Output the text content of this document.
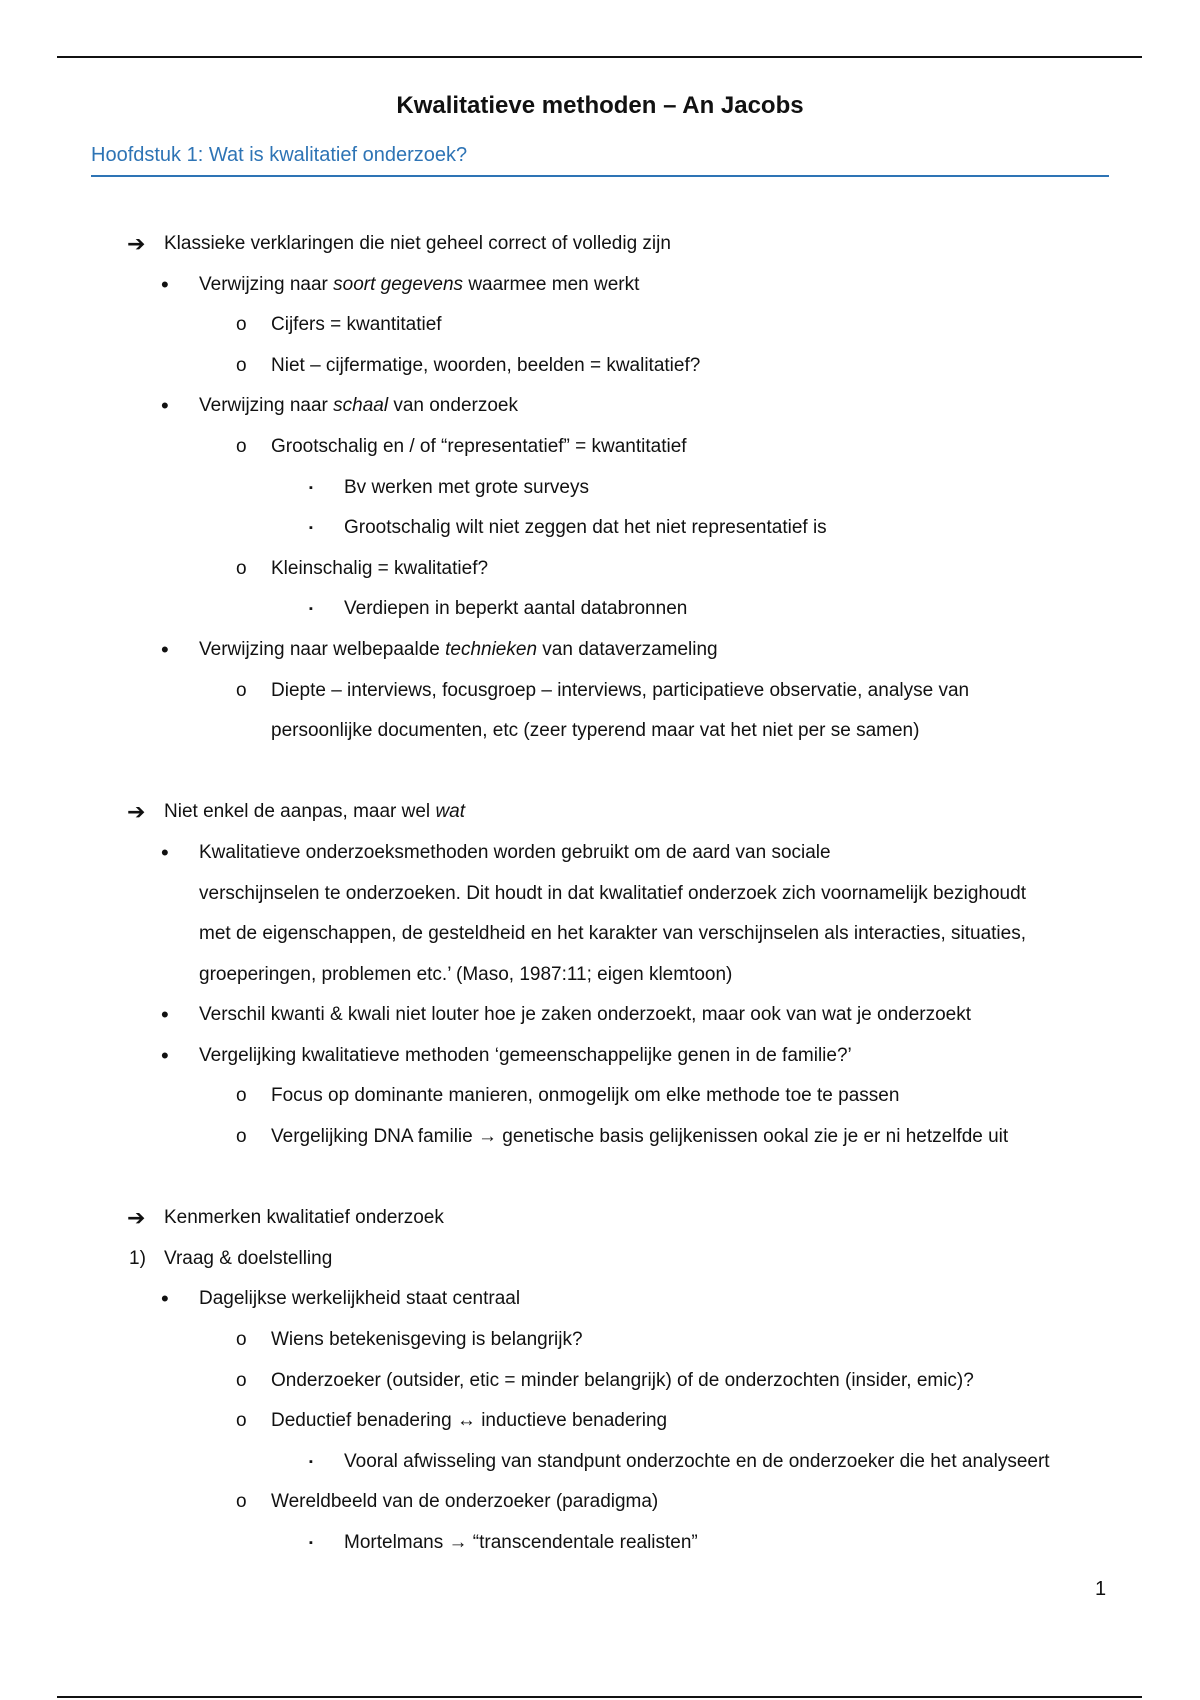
Kwalitatieve methoden – An Jacobs
Hoofdstuk 1: Wat is kwalitatief onderzoek?
➔ Klassieke verklaringen die niet geheel correct of volledig zijn
• Verwijzing naar soort gegevens waarmee men werkt
o Cijfers = kwantitatief
o Niet – cijfermatige, woorden, beelden = kwalitatief?
• Verwijzing naar schaal van onderzoek
o Grootschalig en / of “representatief” = kwantitatief
▪ Bv werken met grote surveys
▪ Grootschalig wilt niet zeggen dat het niet representatief is
o Kleinschalig = kwalitatief?
▪ Verdiepen in beperkt aantal databronnen
• Verwijzing naar welbepaalde technieken van dataverzameling
o Diepte – interviews, focusgroep – interviews, participatieve observatie, analyse van
persoonlijke documenten, etc (zeer typerend maar vat het niet per se samen)
➔ Niet enkel de aanpas, maar wel wat
• Kwalitatieve onderzoeksmethoden worden gebruikt om de aard van sociale
verschijnselen te onderzoeken. Dit houdt in dat kwalitatief onderzoek zich voornamelijk bezighoudt
met de eigenschappen, de gesteldheid en het karakter van verschijnselen als interacties, situaties,
groeperingen, problemen etc.’ (Maso, 1987:11; eigen klemtoon)
• Verschil kwanti & kwali niet louter hoe je zaken onderzoekt, maar ook van wat je onderzoekt
• Vergelijking kwalitatieve methoden ‘gemeenschappelijke genen in de familie?’
o Focus op dominante manieren, onmogelijk om elke methode toe te passen
o Vergelijking DNA familie → genetische basis gelijkenissen ookal zie je er ni hetzelfde uit
➔ Kenmerken kwalitatief onderzoek
1) Vraag & doelstelling
• Dagelijkse werkelijkheid staat centraal
o Wiens betekenisgeving is belangrijk?
o Onderzoeker (outsider, etic = minder belangrijk) of de onderzochten (insider, emic)?
o Deductief benadering ↔ inductieve benadering
▪ Vooral afwisseling van standpunt onderzochte en de onderzoeker die het analyseert
o Wereldbeeld van de onderzoeker (paradigma)
▪ Mortelmans → “transcendentale realisten”
1
